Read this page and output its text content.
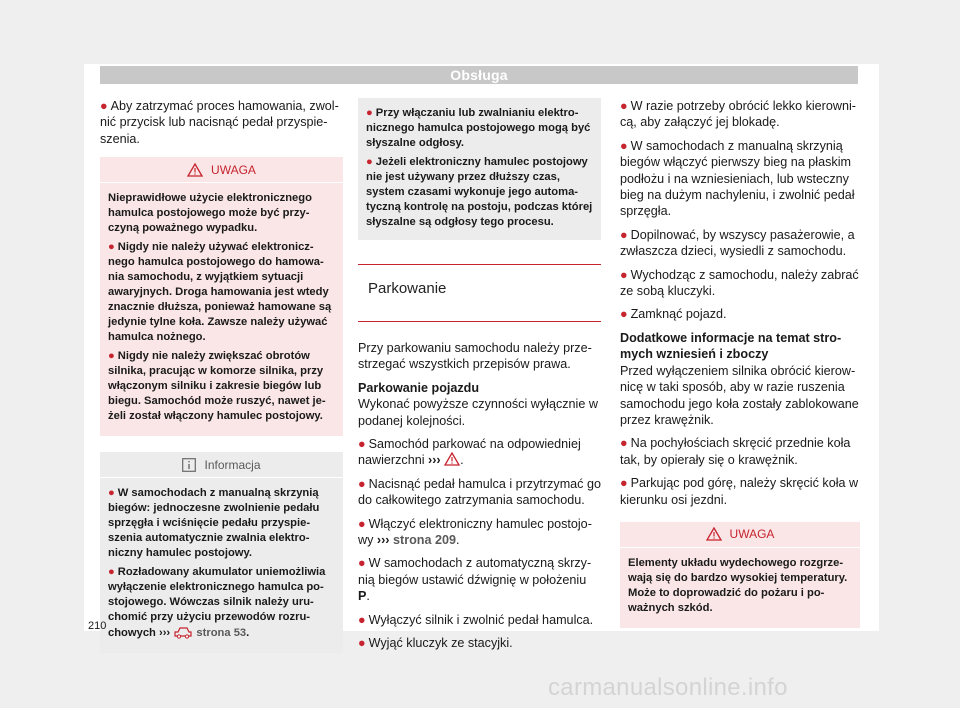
Obsługa

● Aby zatrzymać proces hamowania, zwolnić przycisk lub nacisnąć pedał przyspieszenia.

UWAGA

Nieprawidłowe użycie elektronicznego hamulca postojowego może być przyczyną poważnego wypadku.

● Nigdy nie należy używać elektronicznego hamulca postojowego do hamowania samochodu, z wyjątkiem sytuacji awaryjnych. Droga hamowania jest wtedy znacznie dłuższa, ponieważ hamowane są jedynie tylne koła. Zawsze należy używać hamulca nożnego.

● Nigdy nie należy zwiększać obrotów silnika, pracując w komorze silnika, przy włączonym silniku i zakresie biegów lub biegu. Samochód może ruszyć, nawet jeżeli został włączony hamulec postojowy.

Informacja

● W samochodach z manualną skrzynią biegów: jednoczesne zwolnienie pedału sprzęgła i wciśnięcie pedału przyspieszenia automatycznie zwalnia elektroniczny hamulec postojowy.

● Rozładowany akumulator uniemożliwia wyłączenie elektronicznego hamulca postojowego. Wówczas silnik należy uruchomić przy użyciu przewodów rozruchowych ››› strona 53.

● Przy włączaniu lub zwalnianiu elektronicznego hamulca postojowego mogą być słyszalne odgłosy.

● Jeżeli elektroniczny hamulec postojowy nie jest używany przez dłuższy czas, system czasami wykonuje jego automatyczną kontrolę na postoju, podczas której słyszalne są odgłosy tego procesu.

Parkowanie

Przy parkowaniu samochodu należy przestrzegać wszystkich przepisów prawa.

Parkowanie pojazdu

Wykonać powyższe czynności wyłącznie w podanej kolejności.

● Samochód parkować na odpowiedniej nawierzchni ››› .

● Nacisnąć pedał hamulca i przytrzymać go do całkowitego zatrzymania samochodu.

● Włączyć elektroniczny hamulec postojowy ››› strona 209.

● W samochodach z automatyczną skrzynią biegów ustawić dźwignię w położeniu P.

● Wyłączyć silnik i zwolnić pedał hamulca.

● Wyjąć kluczyk ze stacyjki.

● W razie potrzeby obrócić lekko kierownicą, aby załączyć jej blokadę.

● W samochodach z manualną skrzynią biegów włączyć pierwszy bieg na płaskim podłożu i na wzniesieniach, lub wsteczny bieg na dużym nachyleniu, i zwolnić pedał sprzęgła.

● Dopilnować, by wszyscy pasażerowie, a zwłaszcza dzieci, wysiedli z samochodu.

● Wychodząc z samochodu, należy zabrać ze sobą kluczyki.

● Zamknąć pojazd.

Dodatkowe informacje na temat stromych wzniesień i zboczy

Przed wyłączeniem silnika obrócić kierownicę w taki sposób, aby w razie ruszenia samochodu jego koła zostały zablokowane przez krawężnik.

● Na pochyłościach skręcić przednie koła tak, by opierały się o krawężnik.

● Parkując pod górę, należy skręcić koła w kierunku osi jezdni.

UWAGA

Elementy układu wydechowego rozgrzewają się do bardzo wysokiej temperatury. Może to doprowadzić do pożaru i poważnych szkód.

210
carmanualsonline.info
